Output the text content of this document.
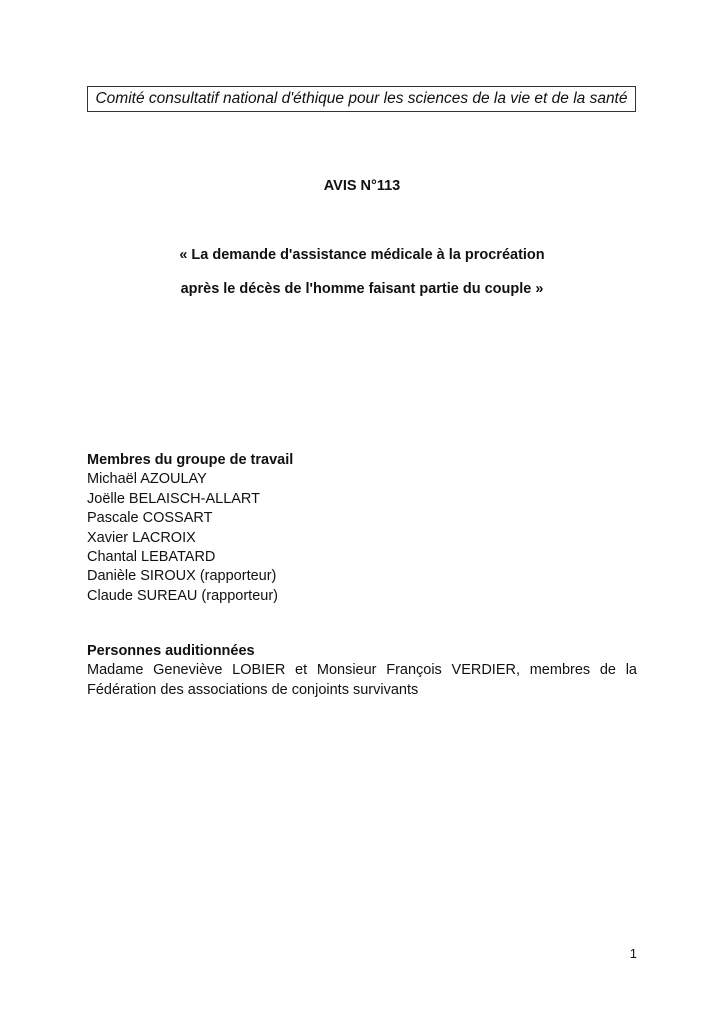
Comité consultatif national d'éthique pour les sciences de la vie et de la santé
AVIS N°113
« La demande d'assistance médicale à la procréation
après le décès de l'homme faisant partie du couple »
Membres du groupe de travail
Michaël AZOULAY
Joëlle BELAISCH-ALLART
Pascale COSSART
Xavier LACROIX
Chantal LEBATARD
Danièle SIROUX (rapporteur)
Claude SUREAU (rapporteur)
Personnes auditionnées
Madame Geneviève LOBIER et Monsieur François VERDIER, membres de la Fédération des associations de conjoints survivants
1
